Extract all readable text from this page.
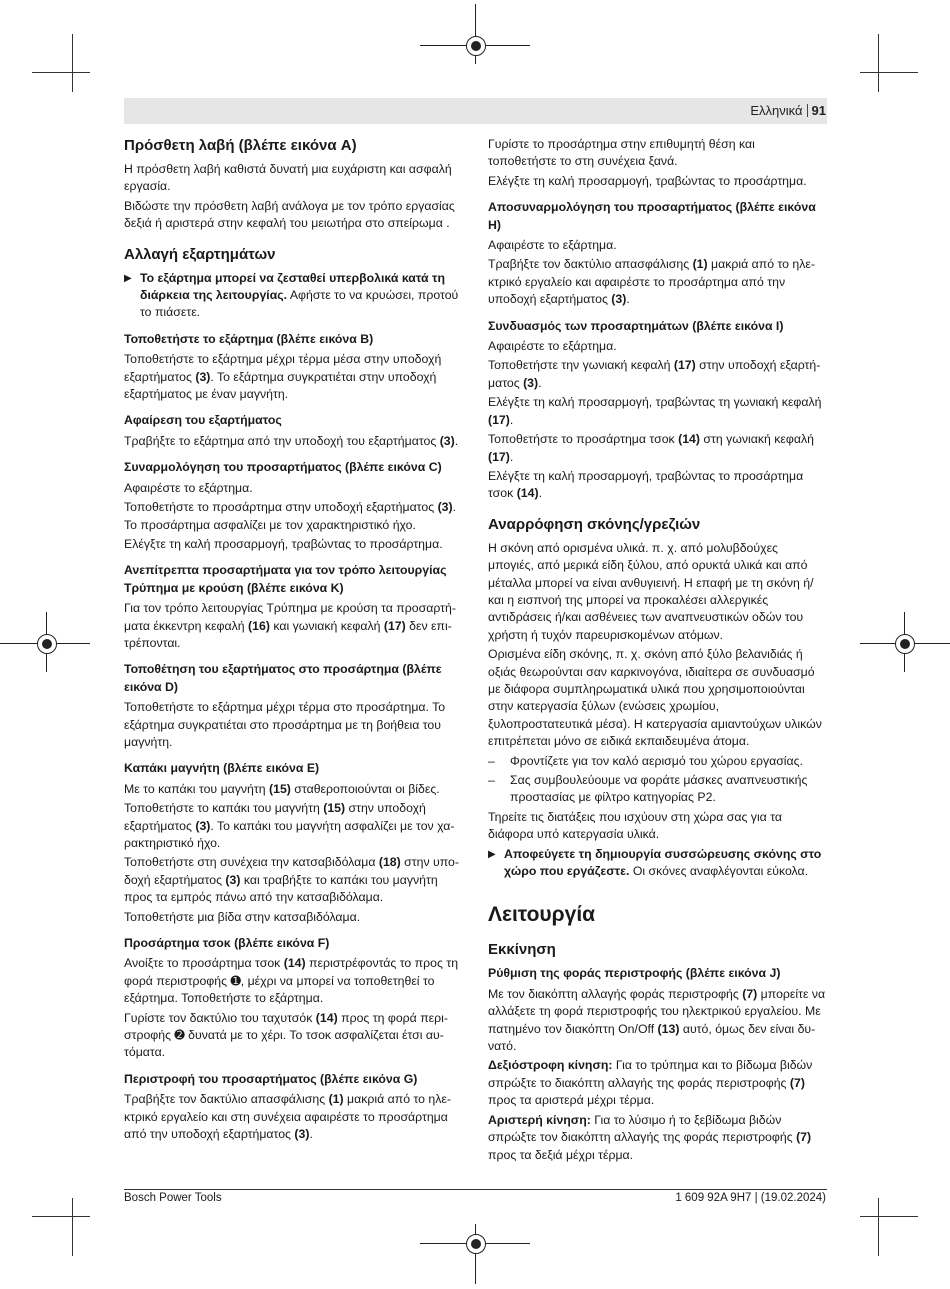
Ελληνικά 91
Πρόσθετη λαβή (βλέπε εικόνα A)

Η πρόσθετη λαβή καθιστά δυνατή μια ευχάριστη και ασφαλή εργασία.

Βιδώστε την πρόσθετη λαβή ανάλογα με τον τρόπο εργασίας δεξιά ή αριστερά στην κεφαλή του μειωτήρα στο σπείρωμα .

Αλλαγή εξαρτημάτων
▶ Το εξάρτημα μπορεί να ζεσταθεί υπερβολικά κατά τη διάρκεια της λειτουργίας. Αφήστε το να κρυώσει, προτού το πιάσετε.
Τοποθετήστε το εξάρτημα (βλέπε εικόνα B)

Τοποθετήστε το εξάρτημα μέχρι τέρμα μέσα στην υποδοχή εξαρτήματος (3). Το εξάρτημα συγκρατιέται στην υποδοχή εξαρτήματος με έναν μαγνήτη.

Αφαίρεση του εξαρτήματος

Τραβήξτε το εξάρτημα από την υποδοχή του εξαρτήματος (3).

Συναρμολόγηση του προσαρτήματος (βλέπε εικόνα C)

Αφαιρέστε το εξάρτημα.

Τοποθετήστε το προσάρτημα στην υποδοχή εξαρτήματος (3).
Το προσάρτημα ασφαλίζει με τον χαρακτηριστικό ήχο.

Ελέγξτε τη καλή προσαρμογή, τραβώντας το προσάρτημα.

Ανεπίτρεπτα προσαρτήματα για τον τρόπο λειτουργίας Τρύπημα με κρούση (βλέπε εικόνα K)

Για τον τρόπο λειτουργίας Τρύπημα με κρούση τα προσαρτήματα έκκεντρη κεφαλή (16) και γωνιακή κεφαλή (17) δεν επιτρέπονται.

Τοποθέτηση του εξαρτήματος στο προσάρτημα (βλέπε εικόνα D)

Τοποθετήστε το εξάρτημα μέχρι τέρμα στο προσάρτημα. Το εξάρτημα συγκρατιέται στο προσάρτημα με τη βοήθεια του μαγνήτη.

Καπάκι μαγνήτη (βλέπε εικόνα E)

Με το καπάκι του μαγνήτη (15) σταθεροποιούνται οι βίδες.

Τοποθετήστε το καπάκι του μαγνήτη (15) στην υποδοχή εξαρτήματος (3). Το καπάκι του μαγνήτη ασφαλίζει με τον χαρακτηριστικό ήχο.

Τοποθετήστε στη συνέχεια την κατσαβιδόλαμα (18) στην υποδοχή εξαρτήματος (3) και τραβήξτε το καπάκι του μαγνήτη προς τα εμπρός πάνω από την κατσαβιδόλαμα.

Τοποθετήστε μια βίδα στην κατσαβιδόλαμα.

Προσάρτημα τσοκ (βλέπε εικόνα F)

Ανοίξτε το προσάρτημα τσοκ (14) περιστρέφοντάς το προς τη φορά περιστροφής ➊, μέχρι να μπορεί να τοποθετηθεί το εξάρτημα. Τοποθετήστε το εξάρτημα.

Γυρίστε τον δακτύλιο του ταχυτσόκ (14) προς τη φορά περιστροφής ➋ δυνατά με το χέρι. Το τσοκ ασφαλίζεται έτσι αυτόματα.

Περιστροφή του προσαρτήματος (βλέπε εικόνα G)

Τραβήξτε τον δακτύλιο απασφάλισης (1) μακριά από το ηλεκτρικό εργαλείο και στη συνέχεια αφαιρέστε το προσάρτημα από την υποδοχή εξαρτήματος (3).

Γυρίστε το προσάρτημα στην επιθυμητή θέση και τοποθετήστε το στη συνέχεια ξανά.

Ελέγξτε τη καλή προσαρμογή, τραβώντας το προσάρτημα.

Αποσυναρμολόγηση του προσαρτήματος (βλέπε εικόνα H)

Αφαιρέστε το εξάρτημα.

Τραβήξτε τον δακτύλιο απασφάλισης (1) μακριά από το ηλεκτρικό εργαλείο και αφαιρέστε το προσάρτημα από την υποδοχή εξαρτήματος (3).

Συνδυασμός των προσαρτημάτων (βλέπε εικόνα I)

Αφαιρέστε το εξάρτημα.

Τοποθετήστε την γωνιακή κεφαλή (17) στην υποδοχή εξαρτήματος (3).

Ελέγξτε τη καλή προσαρμογή, τραβώντας τη γωνιακή κεφαλή (17).

Τοποθετήστε το προσάρτημα τσοκ (14) στη γωνιακή κεφαλή (17).

Ελέγξτε τη καλή προσαρμογή, τραβώντας το προσάρτημα τσοκ (14).

Αναρρόφηση σκόνης/γρεζιών

Η σκόνη από ορισμένα υλικά. π. χ. από μολυβδούχες μπογιές, από μερικά είδη ξύλου, από ορυκτά υλικά και από μέταλλα μπορεί να είναι ανθυγιεινή. Η επαφή με τη σκόνη ή/και η εισπνοή της μπορεί να προκαλέσει αλλεργικές αντιδράσεις ή/και ασθένειες των αναπνευστικών οδών του χρήστη ή τυχόν παρευρισκομένων ατόμων.

Ορισμένα είδη σκόνης, π. χ. σκόνη από ξύλο βελανιδιάς ή οξιάς θεωρούνται σαν καρκινογόνα, ιδιαίτερα σε συνδυασμό με διάφορα συμπληρωματικά υλικά που χρησιμοποιούνται στην κατεργασία ξύλων (ενώσεις χρωμίου, ξυλοπροστατευτικά μέσα). Η κατεργασία αμιαντούχων υλικών επιτρέπεται μόνο σε ειδικά εκπαιδευμένα άτομα.

– Φροντίζετε για τον καλό αερισμό του χώρου εργασίας.
– Σας συμβουλεύουμε να φοράτε μάσκες αναπνευστικής προστασίας με φίλτρο κατηγορίας P2.

Τηρείτε τις διατάξεις που ισχύουν στη χώρα σας για τα διάφορα υπό κατεργασία υλικά.

▶ Αποφεύγετε τη δημιουργία συσσώρευσης σκόνης στο χώρο που εργάζεστε. Οι σκόνες αναφλέγονται εύκολα.
Λειτουργία
Εκκίνηση
Ρύθμιση της φοράς περιστροφής (βλέπε εικόνα J)

Με τον διακόπτη αλλαγής φοράς περιστροφής (7) μπορείτε να αλλάξετε τη φορά περιστροφής του ηλεκτρικού εργαλείου. Με πατημένο τον διακόπτη On/Off (13) αυτό, όμως δεν είναι δυνατό.

Δεξιόστροφη κίνηση: Για το τρύπημα και το βίδωμα βιδών σπρώξτε το διακόπτη αλλαγής της φοράς περιστροφής (7) προς τα αριστερά μέχρι τέρμα.

Αριστερή κίνηση: Για το λύσιμο ή το ξεβίδωμα βιδών σπρώξτε τον διακόπτη αλλαγής της φοράς περιστροφής (7) προς τα δεξιά μέχρι τέρμα.

Bosch Power Tools	1 609 92A 9H7 | (19.02.2024)
